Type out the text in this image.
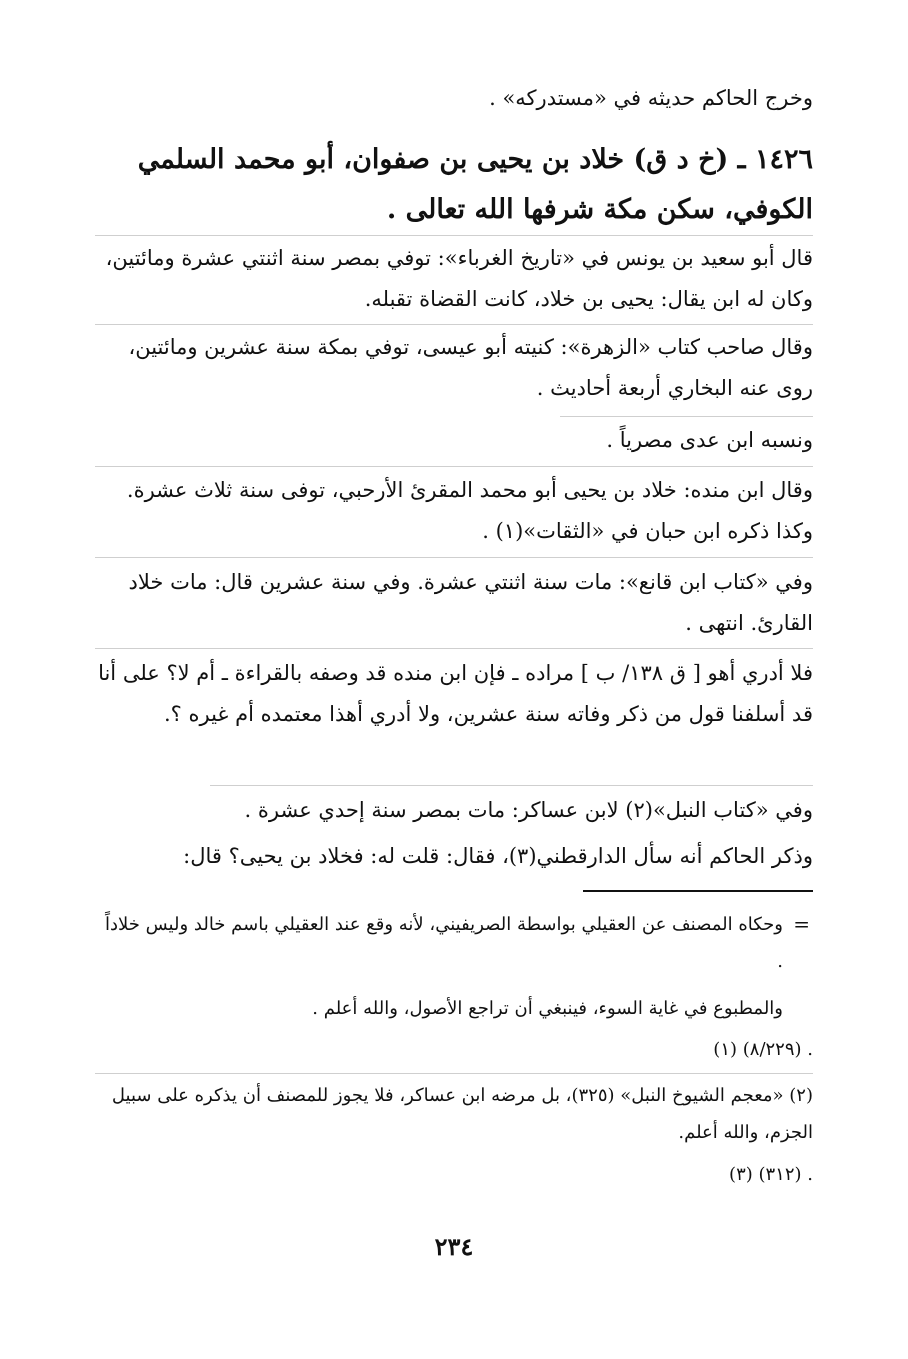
وخرج الحاكم حديثه في «مستدركه» .
١٤٢٦ ـ (خ د ق) خلاد بن يحيى بن صفوان، أبو محمد السلمي الكوفي، سكن مكة شرفها الله تعالى .
قال أبو سعيد بن يونس في «تاريخ الغرباء»: توفي بمصر سنة اثنتي عشرة ومائتين، وكان له ابن يقال: يحيى بن خلاد، كانت القضاة تقبله.
وقال صاحب كتاب «الزهرة»: كنيته أبو عيسى، توفي بمكة سنة عشرين ومائتين، روى عنه البخاري أربعة أحاديث .
ونسبه ابن عدى مصرياً .
وقال ابن منده: خلاد بن يحيى أبو محمد المقرئ الأرحبي، توفى سنة ثلاث عشرة. وكذا ذكره ابن حبان في «الثقات»(١) .
وفي «كتاب ابن قانع»: مات سنة اثنتي عشرة. وفي سنة عشرين قال: مات خلاد القارئ. انتهى .
فلا أدري أهو [ ق ١٣٨/ ب ] مراده ـ فإن ابن منده قد وصفه بالقراءة ـ أم لا؟ على أنا قد أسلفنا قول من ذكر وفاته سنة عشرين، ولا أدري أهذا معتمده أم غيره ؟.
وفي «كتاب النبل»(٢) لابن عساكر: مات بمصر سنة إحدي عشرة .
وذكر الحاكم أنه سأل الدارقطني(٣)، فقال: قلت له: فخلاد بن يحيى؟ قال:
=
وحكاه المصنف عن العقيلي بواسطة الصريفيني، لأنه وقع عند العقيلي باسم خالد وليس خلاداً .
والمطبوع في غاية السوء، فينبغي أن تراجع الأصول، والله أعلم .
(١) (٨/٢٢٩) .
(٢) «معجم الشيوخ النبل» (٣٢٥)، بل مرضه ابن عساكر، فلا يجوز للمصنف أن يذكره على سبيل الجزم، والله أعلم.
(٣) (٣١٢) .
٢٣٤
